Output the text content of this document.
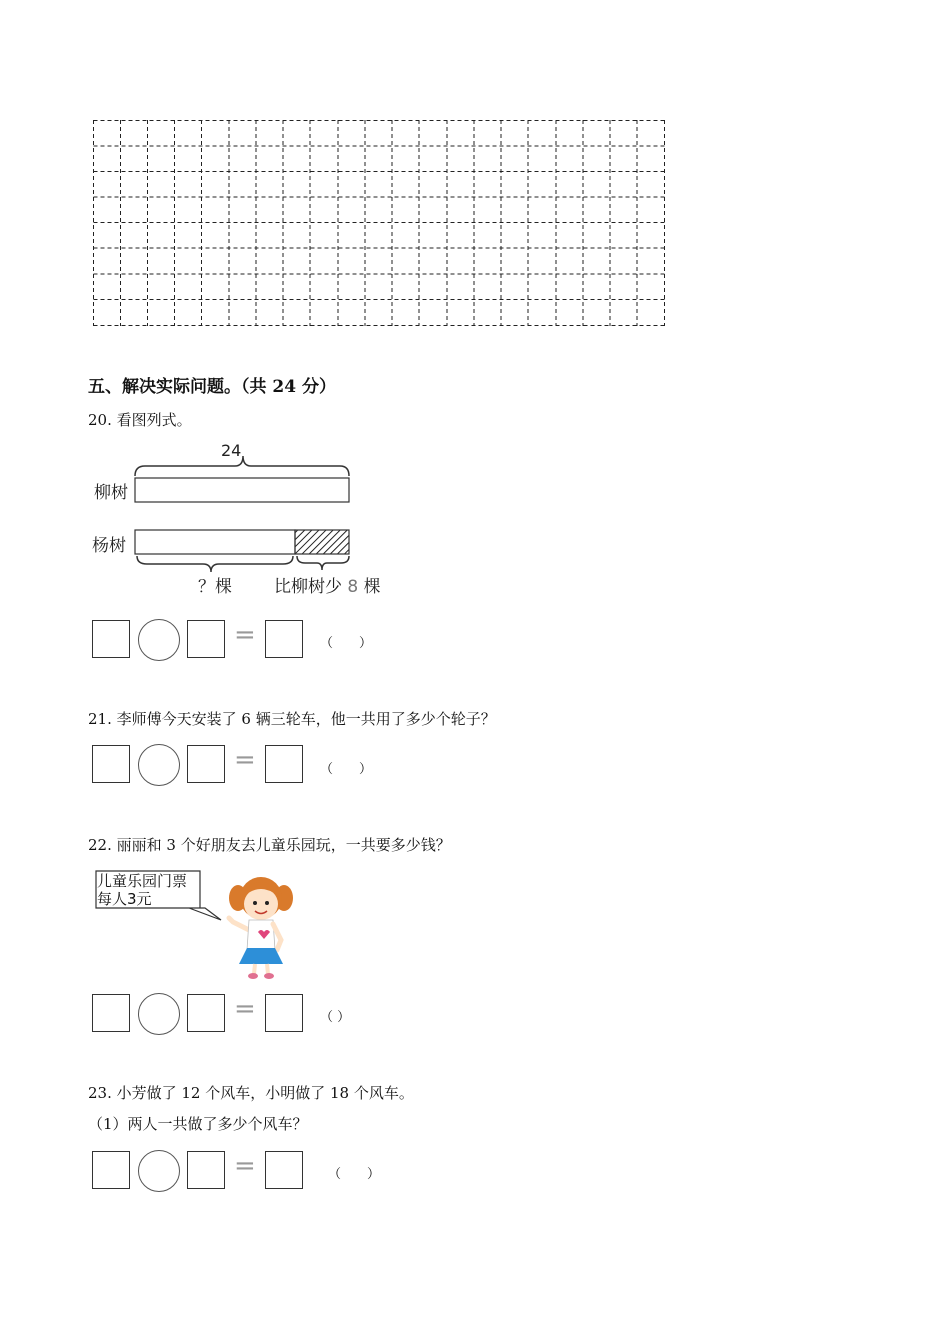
五、解决实际问题。（共 24 分）
20. 看图列式。
24
柳树
杨树
？棵 比柳树少 8 棵
=	（　　）
21. 李师傅今天安装了 6 辆三轮车，他一共用了多少个轮子？
=	（　　）
22. 丽丽和 3 个好朋友去儿童乐园玩，一共要多少钱？
儿童乐园门票
每人3元
=	（ ）
23. 小芳做了 12 个风车，小明做了 18 个风车。
（1）两人一共做了多少个风车？
=	（　　）
